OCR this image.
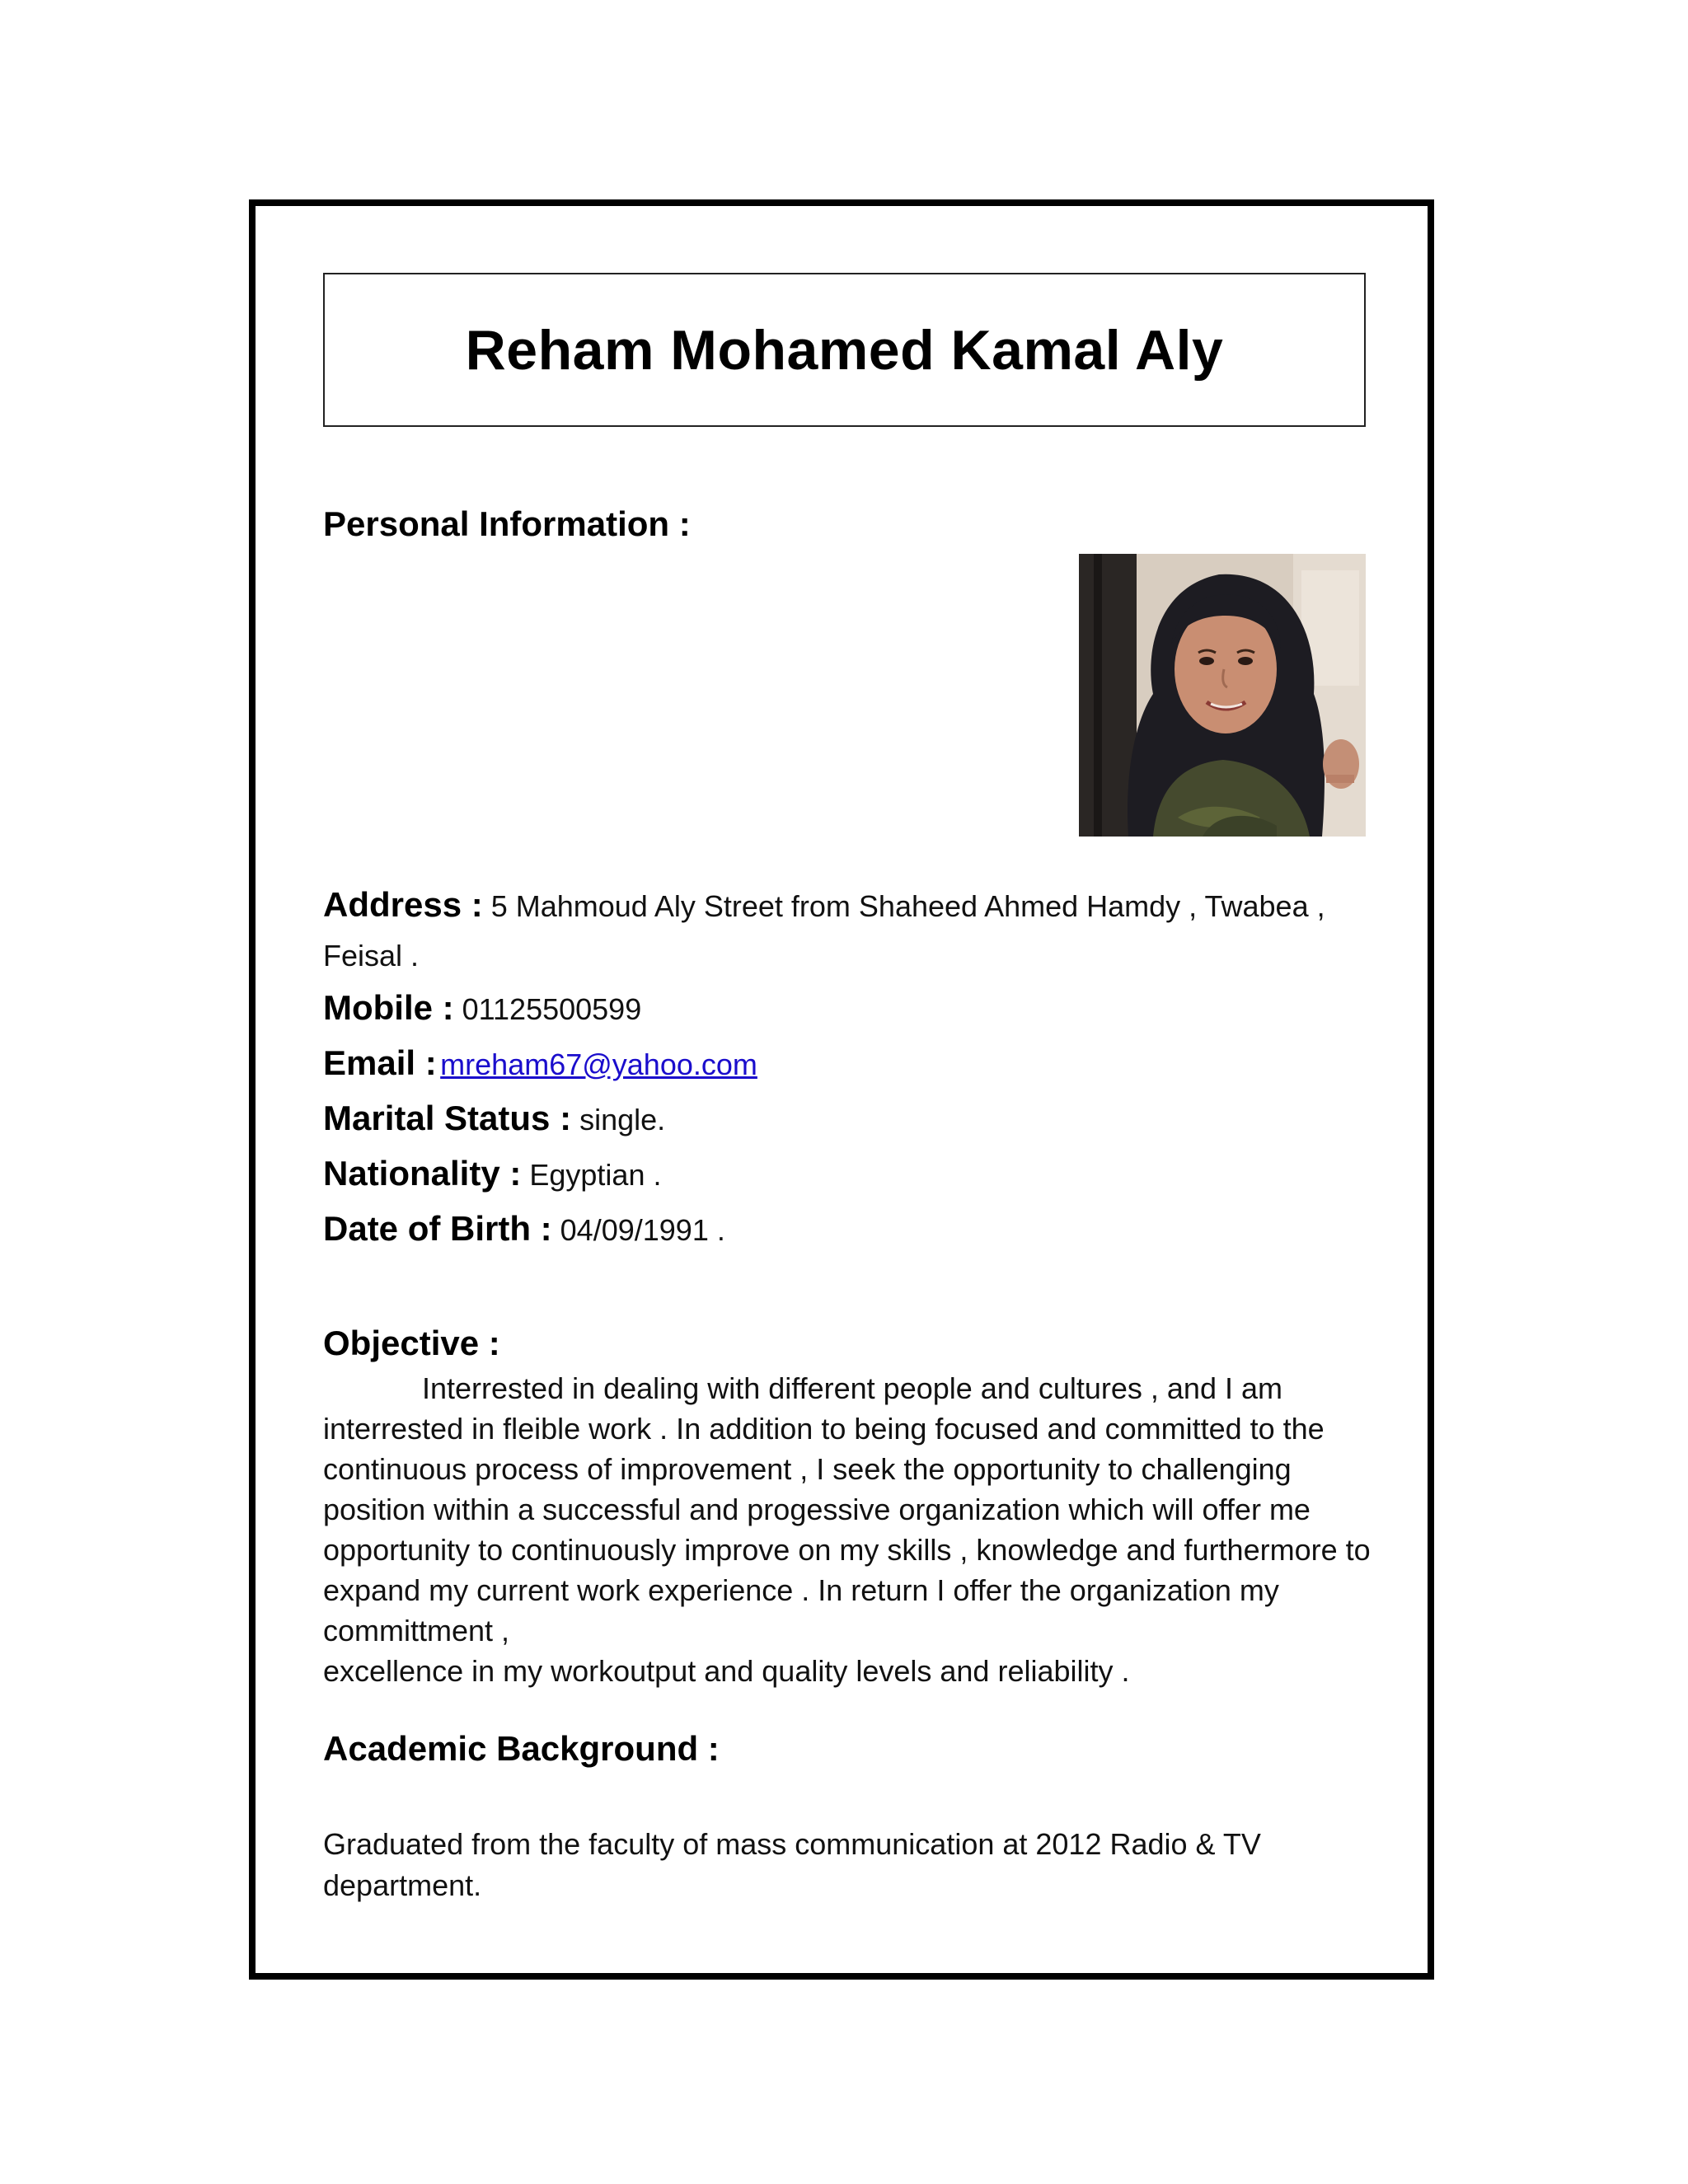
Reham Mohamed Kamal Aly
Personal Information :

Address : 5 Mahmoud Aly Street from Shaheed Ahmed Hamdy , Twabea , Feisal .

Mobile : 01125500599

Email : mreham67@yahoo.com

Marital Status : single.

Nationality : Egyptian .

Date of Birth : 04/09/1991 .

Objective :

Interrested in dealing with different people and cultures , and I am interrested in fleible work . In addition to being focused and committed to the continuous process of improvement , I seek the opportunity to challenging position within a successful and progessive organization which will offer me opportunity to continuously improve on my skills , knowledge and furthermore to expand my current work experience . In return I offer the organization my committment ,

excellence in my workoutput and quality levels and reliability .

Academic Background :

Graduated from the faculty of mass communication at 2012 Radio & TV department.
